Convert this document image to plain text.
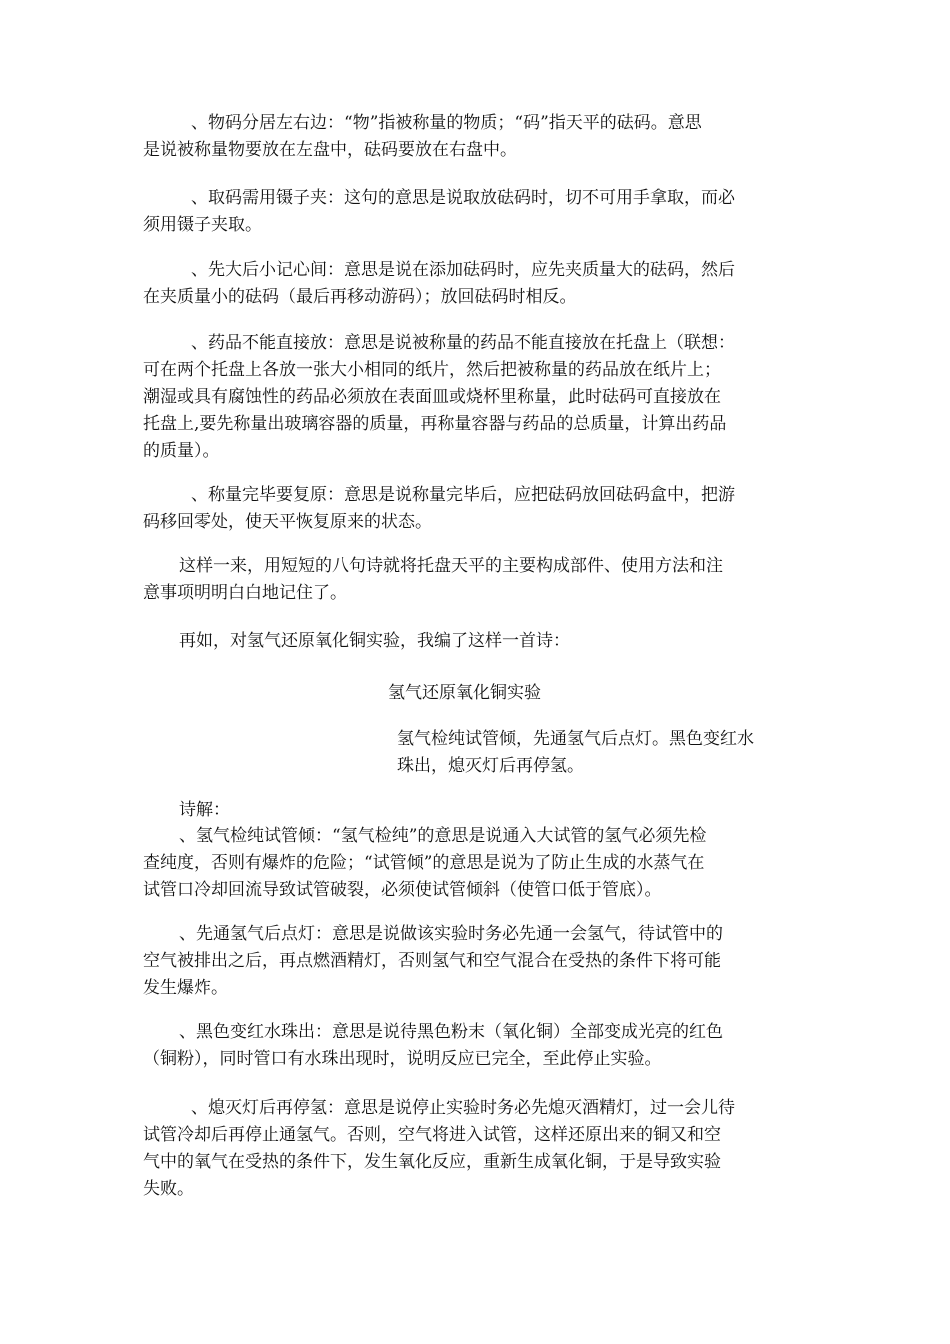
、物码分居左右边：“物”指被称量的物质；“码”指天平的砝码。意思
是说被称量物要放在左盘中，砝码要放在右盘中。

、取码需用镊子夹：这句的意思是说取放砝码时，切不可用手拿取，而必
须用镊子夹取。

、先大后小记心间：意思是说在添加砝码时，应先夹质量大的砝码，然后
在夹质量小的砝码（最后再移动游码）；放回砝码时相反。

、药品不能直接放：意思是说被称量的药品不能直接放在托盘上（联想：
可在两个托盘上各放一张大小相同的纸片，然后把被称量的药品放在纸片上；
潮湿或具有腐蚀性的药品必须放在表面皿或烧杯里称量，此时砝码可直接放在
托盘上,要先称量出玻璃容器的质量，再称量容器与药品的总质量，计算出药品
的质量）。

、称量完毕要复原：意思是说称量完毕后，应把砝码放回砝码盒中，把游
码移回零处，使天平恢复原来的状态。

这样一来，用短短的八句诗就将托盘天平的主要构成部件、使用方法和注
意事项明明白白地记住了。

再如，对氢气还原氧化铜实验，我编了这样一首诗：

氢气还原氧化铜实验
氢气检纯试管倾，先通氢气后点灯。黑色变红水
珠出，熄灭灯后再停氢。

诗解：

、氢气检纯试管倾：“氢气检纯”的意思是说通入大试管的氢气必须先检
查纯度，否则有爆炸的危险；“试管倾”的意思是说为了防止生成的水蒸气在
试管口冷却回流导致试管破裂，必须使试管倾斜（使管口低于管底）。

、先通氢气后点灯：意思是说做该实验时务必先通一会氢气，待试管中的
空气被排出之后，再点燃酒精灯，否则氢气和空气混合在受热的条件下将可能
发生爆炸。

、黑色变红水珠出：意思是说待黑色粉末（氧化铜）全部变成光亮的红色
（铜粉），同时管口有水珠出现时，说明反应已完全，至此停止实验。

、熄灭灯后再停氢：意思是说停止实验时务必先熄灭酒精灯，过一会儿待
试管冷却后再停止通氢气。否则，空气将进入试管，这样还原出来的铜又和空
气中的氧气在受热的条件下，发生氧化反应，重新生成氧化铜，于是导致实验
失败。
